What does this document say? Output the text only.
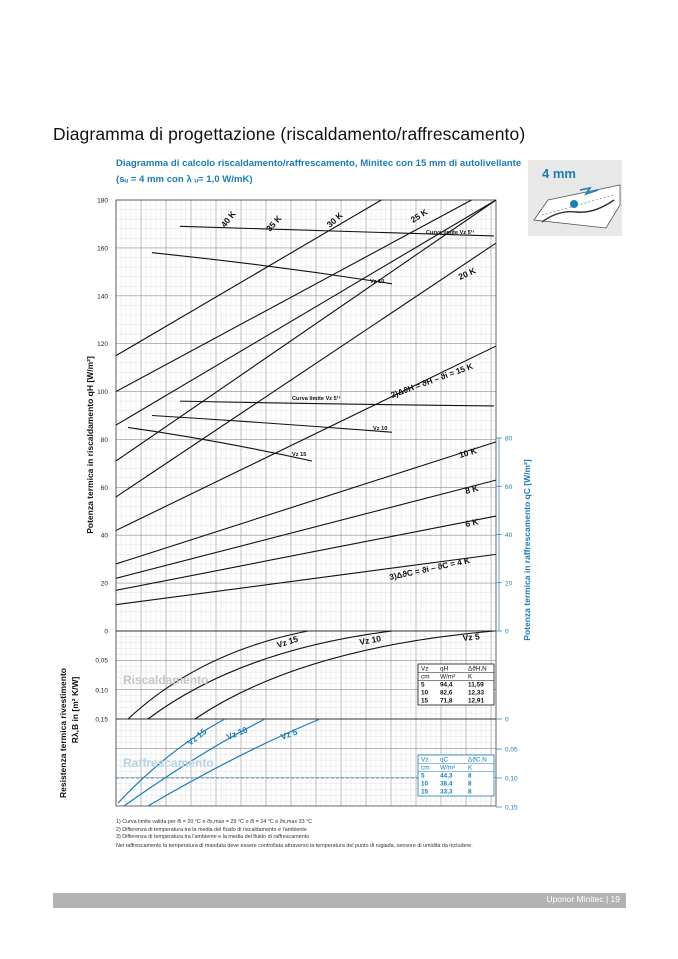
Diagramma di progettazione (riscaldamento/raffrescamento)
Diagramma di calcolo riscaldamento/raffrescamento, Minitec con 15 mm di autolivellante
(sᵤ = 4 mm con λ ᵤ= 1,0 W/mK)	4 mm
0
20
40
60
80
100
120
140
160
180
0
20
40
60
80
0,05
0,10
0,15	0
0,05
0,10
0,15
Potenza termica in riscaldamento qH [W/m²]
Potenza termica in raffrescamento qC [W/m²]
Resistenza termica rivestimento Rλ,B in [m² K/W]
3)ΔϑC = ϑi – ϑC = 4 K
6 K
8 K
10 K
2)ΔϑH = ϑH – ϑi = 15 K
20 K
25 K
30 K
35 K
40 K
Curva limite Vz 5¹⁾
Vz 10
Curva limite Vz 5¹⁾
Vz 10
Vz 15
Riscaldamento
Raffrescamento
Vz 15	Vz 10	Vz 5
Vz 15 Vz 10	Vz 5
Vz qH	ΔϑH,N
cm W/m² K
5 94,4 11,59
10 82,6 12,33
15 71,8 12,91
Vz qC	ΔϑC,N
cm W/m² K
5 44,3 8
10 38,4 8
15 33,3 8
1) Curva limite valida per ϑi = 20 °C e ϑs,max = 29 °C o ϑi = 24 °C e ϑs,max 33 °C
2) Differenza di temperatura tra la media del fluido di riscaldamento e l'ambiente
3) Differenza di temperatura tra l'ambiente e la media del fluido di raffrescamento
Nel raffrescamento la temperatura di mandata deve essere controllata attraverso la temperatura del punto di rugiada, sensore di umidità da includere.
Uponor Minitec | 19
